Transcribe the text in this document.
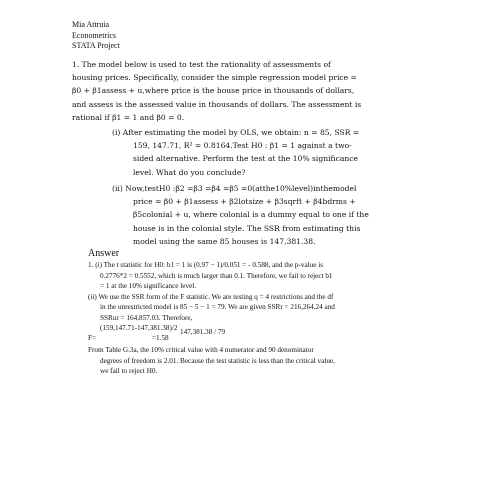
Mia Attruia
Econometrics
STATA Project
1. The model below is used to test the rationality of assessments of
housing prices. Specifically, consider the simple regression model price =
β0 + β1assess + u,where price is the house price in thousands of dollars,
and assess is the assessed value in thousands of dollars. The assessment is
rational if β1 = 1 and β0 = 0.
(i) After estimating the model by OLS, we obtain: n = 85, SSR =
159, 147.71, R² = 0.8164.Test H0 : β1 = 1 against a two-
sided alternative. Perform the test at the 10% significance
level. What do you conclude?
(ii) Now,testH0 :β2 =β3 =β4 =β5 =0(atthe10%level)inthemodel
price = β0 + β1assess + β2lotsize + β3sqrft + β4bdrms +
β5colonial + u, where colonial is a dummy equal to one if the
house is in the colonial style. The SSR from estimating this
model using the same 85 houses is 147,381.38.
Answer
1. (i) The t statistic for H0: b1 = 1 is (0.97 − 1)/0.051 = - 0.588, and the p-value is
0.2776*2 = 0.5552, which is much larger than 0.1. Therefore, we fail to reject b1
= 1 at the 10% significance level.
(ii) We use the SSR form of the F statistic. We are testing q = 4 restrictions and the df
in the unrestricted model is 85 − 5 − 1 = 79. We are given SSRr = 216,264.24 and
SSRur = 164,857.03. Therefore,
(159,147.71-147,381.38)/2 147,381.38 / 79
F=	=1.58
From Table G.3a, the 10% critical value with 4 numerator and 90 denominator
degrees of freedom is 2.01. Because the test statistic is less than the critical value,
we fail to reject H0.
